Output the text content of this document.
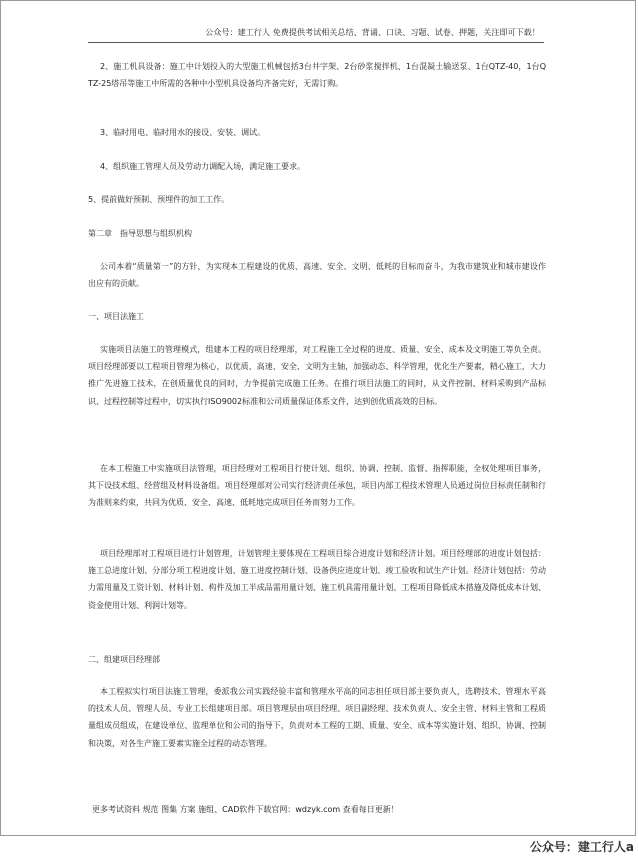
公众号：建工行人 免费提供考试相关总结、背诵、口诀、习题、试卷、押题，关注即可下载！
2、施工机具设备：施工中计划投入的大型施工机械包括3台井字架、2台砂浆搅拌机、1台混凝土输送泵、1台QTZ-40，1台QTZ-25塔吊等施工中所需的各种中小型机具设备均齐备完好，无需订购。
3、临时用电、临时用水的接设、安装、调试。
4、组织施工管理人员及劳动力调配入场，满足施工要求。
5、提前做好预制、预埋件的加工工作。
第二章　指导思想与组织机构
公司本着“质量第一”的方针，为实现本工程建设的优质、高速、安全、文明、低耗的目标而奋斗，为我市建筑业和城市建设作出应有的贡献。
一、项目法施工
实施项目法施工的管理模式，组建本工程的项目经理部，对工程施工全过程的进度、质量、安全、成本及文明施工等负全责。项目经理部要以工程项目管理为核心，以优质、高速、安全、文明为主轴，加强动态、科学管理，优化生产要素，精心施工，大力推广先进施工技术，在创质量优良的同时，力争提前完成施工任务。在推行项目法施工的同时，从文件控制、材料采购到产品标识、过程控制等过程中，切实执行ISO9002标准和公司质量保证体系文件，达到创优质高效的目标。
在本工程施工中实施项目法管理，项目经理对工程项目行使计划、组织、协调、控制、监督、指挥职能，全权处理项目事务，其下设技术组、经营组及材料设备组。项目经理部对公司实行经济责任承包，项目内部工程技术管理人员通过岗位目标责任制和行为准则来约束，共同为优质、安全、高速、低耗地完成项目任务而努力工作。
项目经理部对工程项目进行计划管理，计划管理主要体现在工程项目综合进度计划和经济计划。项目经理部的进度计划包括：施工总进度计划、分部分项工程进度计划、施工进度控制计划、设备供应进度计划、竣工验收和试生产计划。经济计划包括：劳动力需用量及工资计划、材料计划、构件及加工半成品需用量计划、施工机具需用量计划、工程项目降低成本措施及降低成本计划、资金使用计划、利润计划等。
二、组建项目经理部
本工程拟实行项目法施工管理，委派我公司实践经验丰富和管理水平高的同志担任项目部主要负责人，选聘技术、管理水平高的技术人员、管理人员、专业工长组建项目部。项目管理层由项目经理、项目副经理、技术负责人、安全主管、材料主管和工程质量组成员组成，在建设单位、监理单位和公司的指导下，负责对本工程的工期、质量、安全、成本等实施计划、组织、协调、控制和决策，对各生产施工要素实施全过程的动态管理。
更多考试资料 规范 图集 方案 施组、CAD软件下载官网：wdzyk.com 查看每日更新！
公众号：建工行人a
